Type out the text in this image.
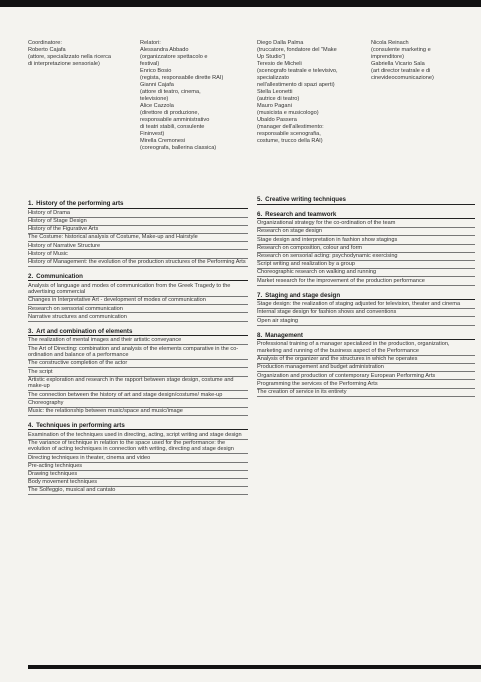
Coordinatore:
Roberto Cajafa
(attore, specializzato nella ricerca
di interpretazione sensoriale)
Relatori:
Alessandra Abbado
(organizzatore spettacolo e
festival)
Enrico Bosio
(regista, responsabile dirette RAI)
Gianni Cajafa
(attore di teatro, cinema,
televisione)
Alice Cazzola
(direttore di produzione,
responsabile amministrativo
di teatri stabili, consulente
Fininvest)
Mirella Cremonesi
(coreografa, ballerina classica)
Diego Dalla Palma
(truccatore, fondatore del "Make
Up Studio")
Teresio de Micheli
(scenografo teatrale e televisivo,
specializzato
nell'allestimento di spazi aperti)
Stella Leonetti
(autrice di teatro)
Mauro Pagani
(musicista e musicologo)
Ubaldo Passera
(manager dell'allestimento:
responsabile scenografia,
costume, trucco della RAI)
Nicola Reinach
(consulente marketing e
imprenditore)
Gabriella Vicario Sala
(art director teatrale e di
cinevideocomunicazione)
1. History of the performing arts
History of Drama
History of Stage Design
History of the Figurative Arts
The Costume: historical analysis of Costume, Make-up and Hairstyle
History of Narrative Structure
History of Music
History of Management: the evolution of the production structures of the Performing Arts
2. Communication
Analysis of language and modes of communication from the Greek Tragedy to the advertising commercial
Changes in Interpretative Art - development of modes of communication
Research on sensorial communication
Narrative structures and communication
3. Art and combination of elements
The realization of mental images and their artistic conveyance
The Art of Directing: combination and analysis of the elements comparative in the co-ordination and balance of a performance
The constructive completion of the actor
The script
Artistic exploration and research in the rapport between stage design, costume and make-up
The connection between the history of art and stage design/costume/ make-up
Choreography
Music: the relationship between music/space and music/image
4. Techniques in performing arts
Examination of the techniques used in directing, acting, script writing and stage design
The variance of technique in relation to the space used for the performance: the evolution of acting techniques in connection with writing, directing and stage design
Directing techniques in theater, cinema and video
Pre-acting techniques
Drawing techniques
Body movement techniques
The Solfeggio, musical and cantato
5. Creative writing techniques
6. Research and teamwork
Organizational strategy for the co-ordination of the team
Research on stage design
Stage design and interpretation in fashion show stagings
Research on composition, colour and form
Research on sensorial acting: psychodynamic exercising
Script writing and realization by a group
Choreographic research on walking and running
Market research for the improvement of the production performance
7. Staging and stage design
Stage design: the realization of staging adjusted for television, theater and cinema
Internal stage design for fashion shows and conventions
Open air staging
8. Management
Professional training of a manager specialized in the production, organization, marketing and running of the business aspect of the Performance
Analysis of the organizer and the structures in which he operates
Production management and budget administration
Organization and production of contemporary European Performing Arts
Programming the services of the Performing Arts
The creation of service in its entirety
